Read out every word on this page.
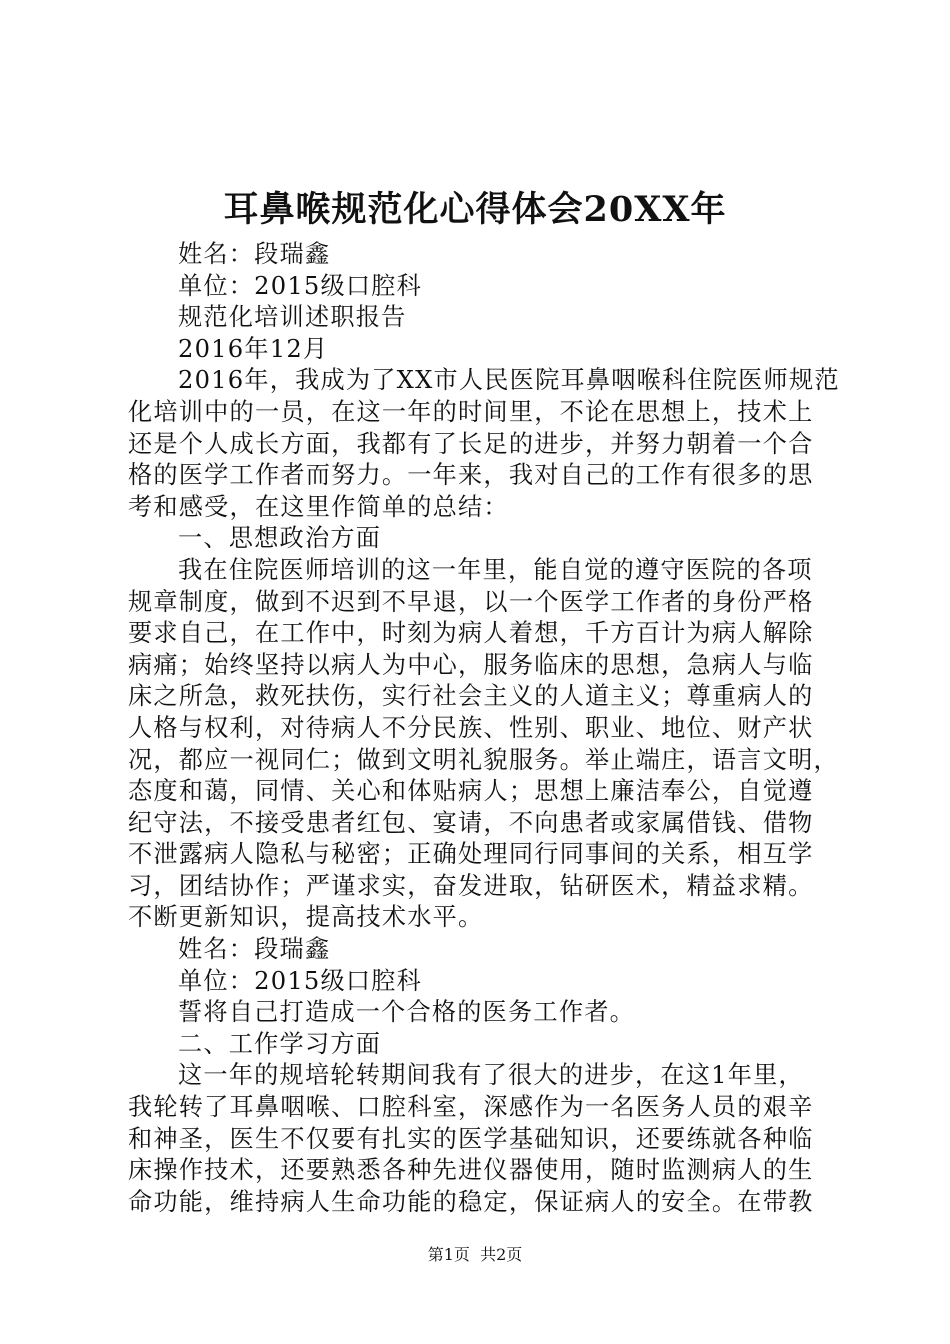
耳鼻喉规范化心得体会20XX年
姓名：段瑞鑫
单位：2015级口腔科
规范化培训述职报告
2016年12月
2016年，我成为了XX市人民医院耳鼻咽喉科住院医师规范
化培训中的一员，在这一年的时间里，不论在思想上，技术上
还是个人成长方面，我都有了长足的进步，并努力朝着一个合
格的医学工作者而努力。一年来，我对自己的工作有很多的思
考和感受，在这里作简单的总结：
一、思想政治方面
我在住院医师培训的这一年里，能自觉的遵守医院的各项
规章制度，做到不迟到不早退，以一个医学工作者的身份严格
要求自己，在工作中，时刻为病人着想，千方百计为病人解除
病痛；始终坚持以病人为中心，服务临床的思想，急病人与临
床之所急，救死扶伤，实行社会主义的人道主义；尊重病人的
人格与权利，对待病人不分民族、性别、职业、地位、财产状
况，都应一视同仁；做到文明礼貌服务。举止端庄，语言文明，
态度和蔼，同情、关心和体贴病人；思想上廉洁奉公，自觉遵
纪守法，不接受患者红包、宴请，不向患者或家属借钱、借物
不泄露病人隐私与秘密；正确处理同行同事间的关系，相互学
习，团结协作；严谨求实，奋发进取，钻研医术，精益求精。
不断更新知识，提高技术水平。
姓名：段瑞鑫
单位：2015级口腔科
誓将自己打造成一个合格的医务工作者。
二、工作学习方面
这一年的规培轮转期间我有了很大的进步，在这1年里，
我轮转了耳鼻咽喉、口腔科室，深感作为一名医务人员的艰辛
和神圣，医生不仅要有扎实的医学基础知识，还要练就各种临
床操作技术，还要熟悉各种先进仪器使用，随时监测病人的生
命功能，维持病人生命功能的稳定，保证病人的安全。在带教
第1页 共2页
